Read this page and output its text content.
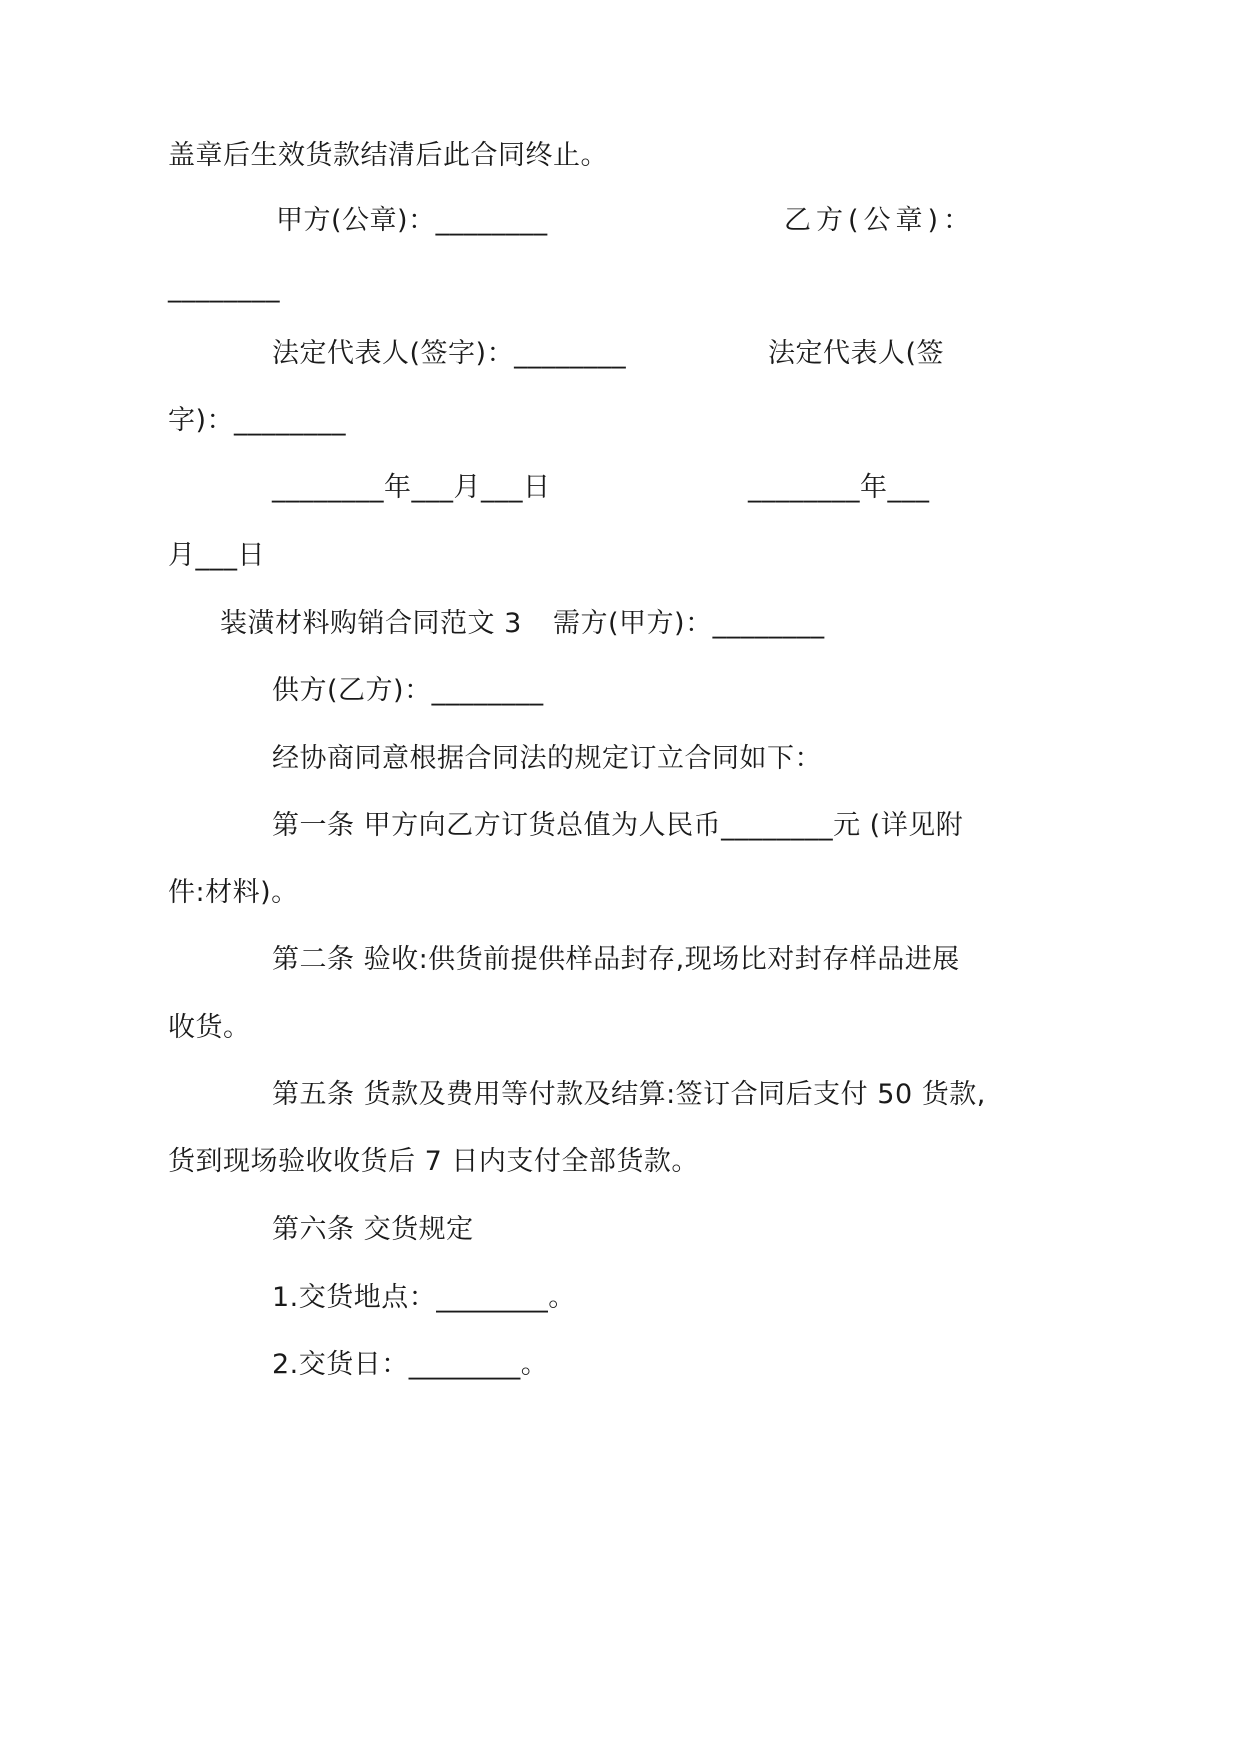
盖章后生效货款结清后此合同终止。
甲方(公章)：________	乙方(公章)：
________
法定代表人(签字)：________	法定代表人(签
字)：________
________年___月___日	________年___
月___日
装潢材料购销合同范文 3 需方(甲方)：________
供方(乙方)：________
经协商同意根据合同法的规定订立合同如下：
第一条 甲方向乙方订货总值为人民币________元 (详见附
件:材料)。
第二条 验收:供货前提供样品封存,现场比对封存样品进展
收货。
第五条 货款及费用等付款及结算:签订合同后支付 50 货款,
货到现场验收收货后 7 日内支付全部货款。
第六条 交货规定
1.交货地点：________。
2.交货日：________。
